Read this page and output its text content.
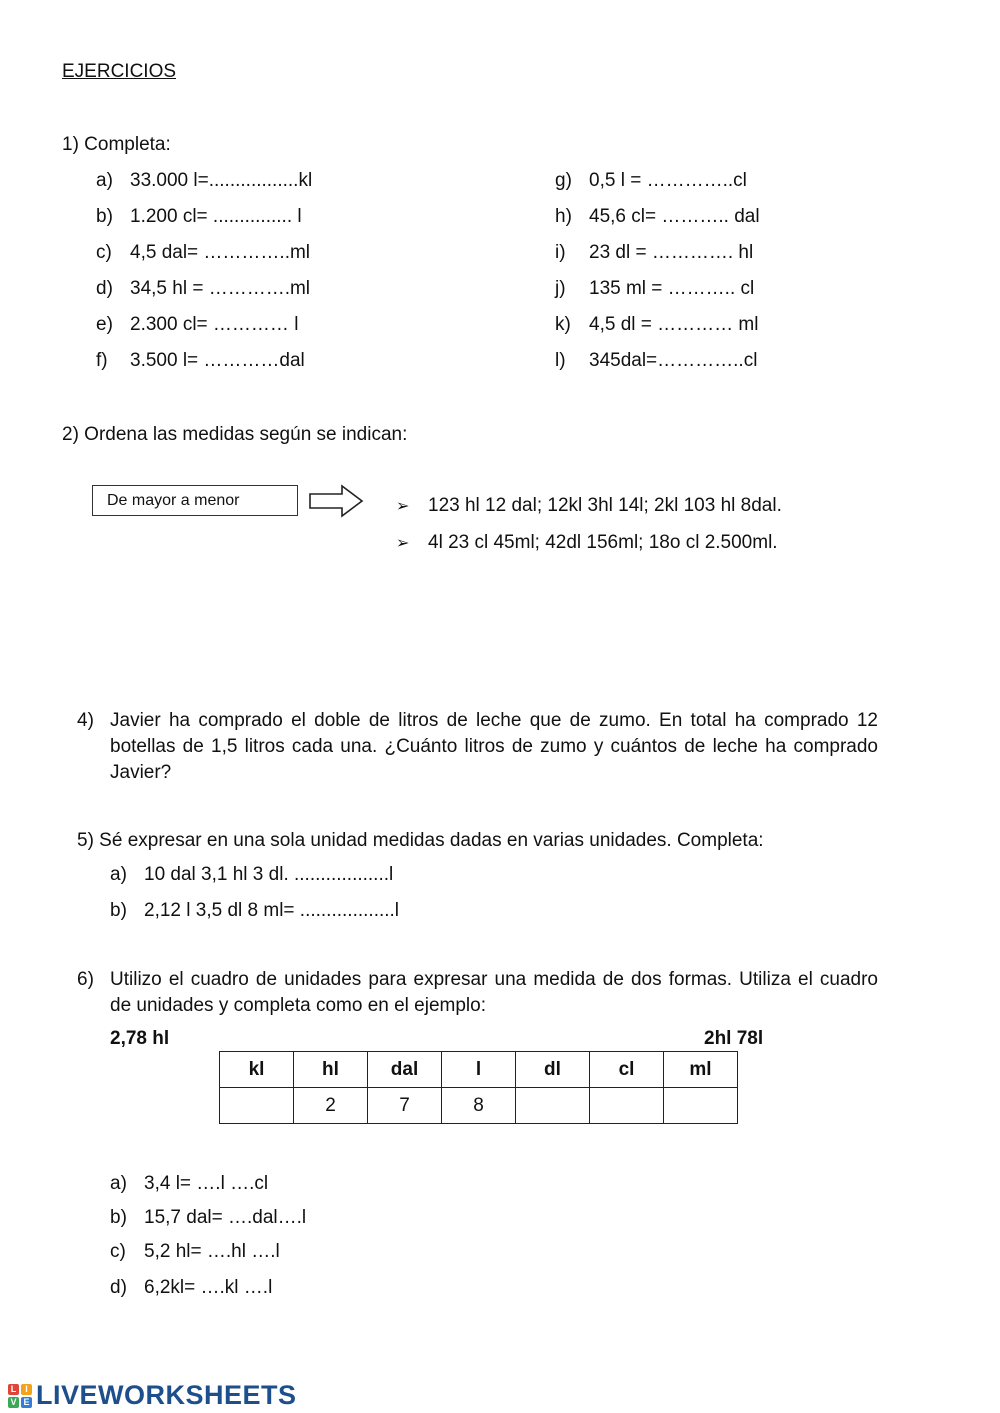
EJERCICIOS
1) Completa:
a) 33.000 l=.................kl
b) 1.200 cl= ............... l
c) 4,5 dal= …………..ml
d) 34,5 hl = ………….ml
e) 2.300 cl= ………… l
f) 3.500 l= …………dal
g) 0,5 l = …………..cl
h) 45,6 cl= ……….. dal
i) 23 dl = …………. hl
j) 135 ml = ……….. cl
k) 4,5 dl = ………… ml
l) 345dal=…………..cl
2) Ordena las medidas según se indican:
De mayor a menor	➢ 123 hl 12 dal; 12kl 3hl 14l; 2kl 103 hl 8dal.
➢ 4l 23 cl 45ml; 42dl 156ml; 18o cl 2.500ml.
4) Javier ha comprado el doble de litros de leche que de zumo. En total ha comprado 12 botellas de 1,5 litros cada una. ¿Cuánto litros de zumo y cuántos de leche ha comprado Javier?
5) Sé expresar en una sola unidad medidas dadas en varias unidades. Completa:
a) 10 dal 3,1 hl 3 dl. ..................l
b) 2,12 l 3,5 dl 8 ml= ..................l
6) Utilizo el cuadro de unidades para expresar una medida de dos formas. Utiliza el cuadro de unidades y completa como en el ejemplo:
2,78 hl	2hl 78l
kl	hl	dal	l	dl	cl	ml
	2	7	8			
a) 3,4 l= ….l ….cl
b) 15,7 dal= ….dal….l
c) 5,2 hl= ….hl ….l
d) 6,2kl= ….kl ….l
L I
V E LIVEWORKSHEETS
